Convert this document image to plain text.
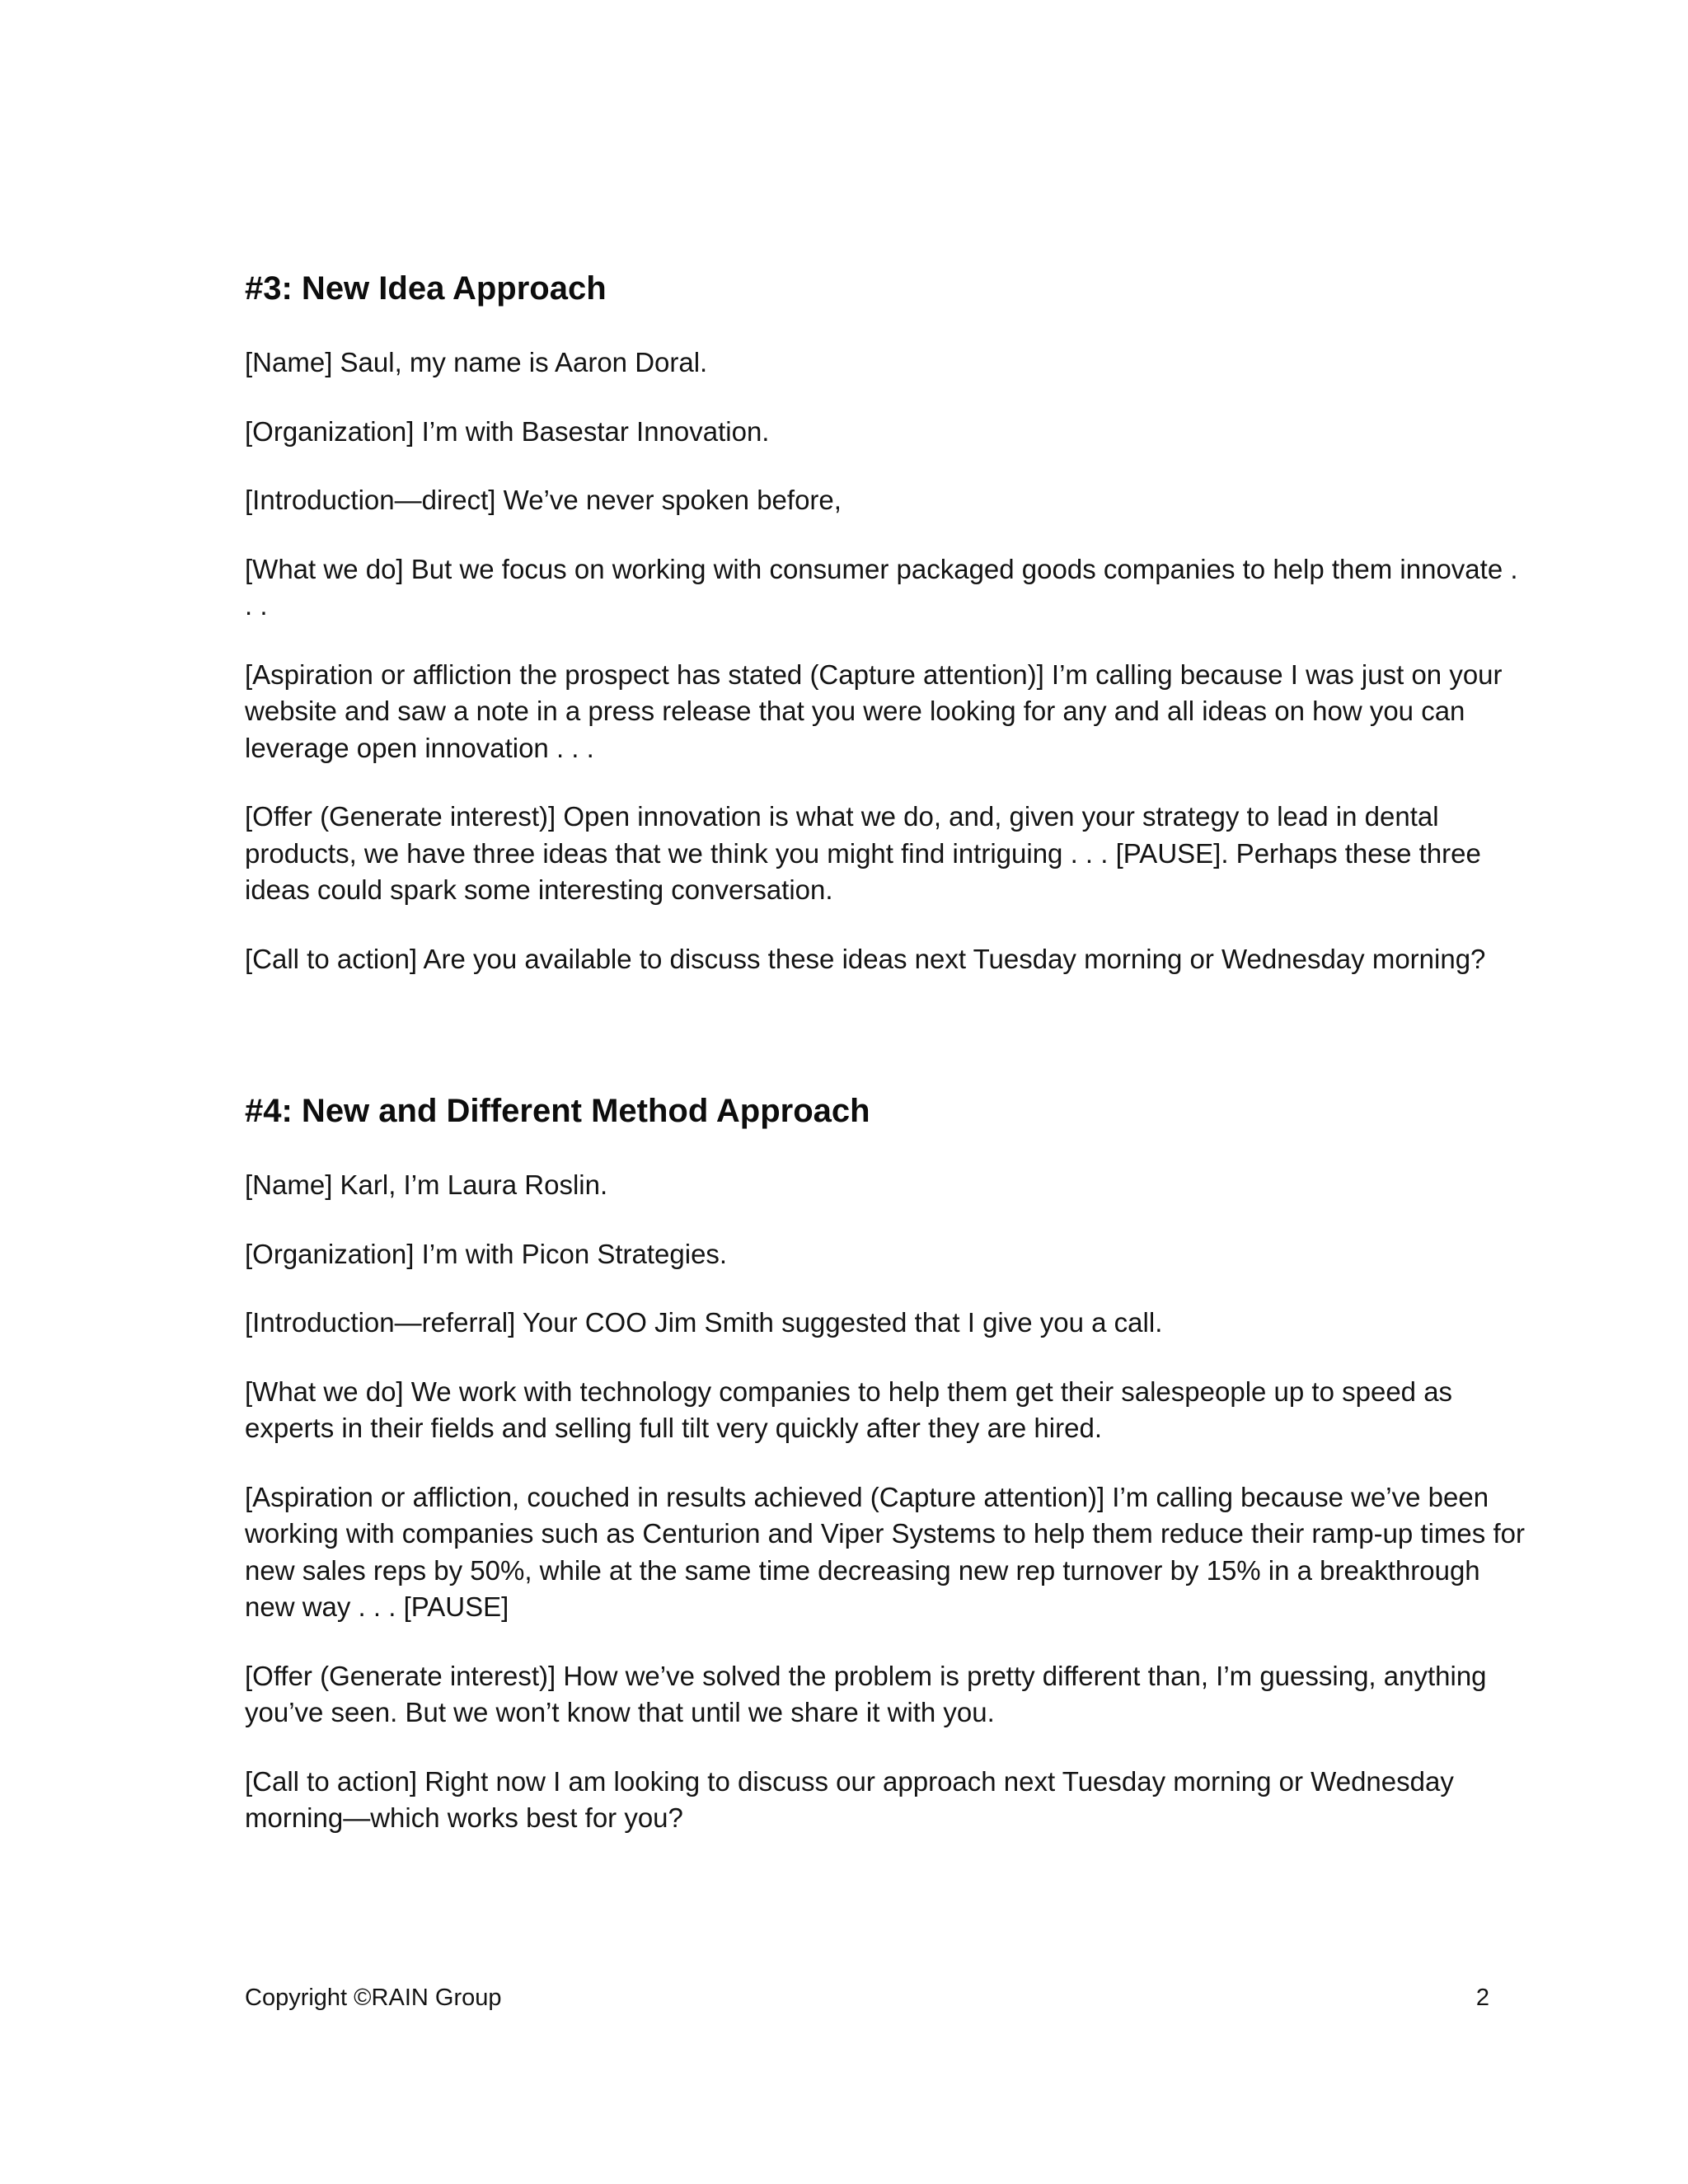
#3: New Idea Approach

[Name] Saul, my name is Aaron Doral.

[Organization] I’m with Basestar Innovation.

[Introduction—direct] We’ve never spoken before,

[What we do] But we focus on working with consumer packaged goods companies to help them innovate . . .

[Aspiration or affliction the prospect has stated (Capture attention)] I’m calling because I was just on your website and saw a note in a press release that you were looking for any and all ideas on how you can leverage open innovation . . .

[Offer (Generate interest)] Open innovation is what we do, and, given your strategy to lead in dental products, we have three ideas that we think you might find intriguing . . . [PAUSE]. Perhaps these three ideas could spark some interesting conversation.

[Call to action] Are you available to discuss these ideas next Tuesday morning or Wednesday morning?

#4: New and Different Method Approach

[Name] Karl, I’m Laura Roslin.

[Organization] I’m with Picon Strategies.

[Introduction—referral] Your COO Jim Smith suggested that I give you a call.

[What we do] We work with technology companies to help them get their salespeople up to speed as experts in their fields and selling full tilt very quickly after they are hired.

[Aspiration or affliction, couched in results achieved (Capture attention)] I’m calling because we’ve been working with companies such as Centurion and Viper Systems to help them reduce their ramp-up times for new sales reps by 50%, while at the same time decreasing new rep turnover by 15% in a breakthrough new way . . . [PAUSE]

[Offer (Generate interest)] How we’ve solved the problem is pretty different than, I’m guessing, anything you’ve seen. But we won’t know that until we share it with you.

[Call to action] Right now I am looking to discuss our approach next Tuesday morning or Wednesday morning—which works best for you?

Copyright ©RAIN Group	2
